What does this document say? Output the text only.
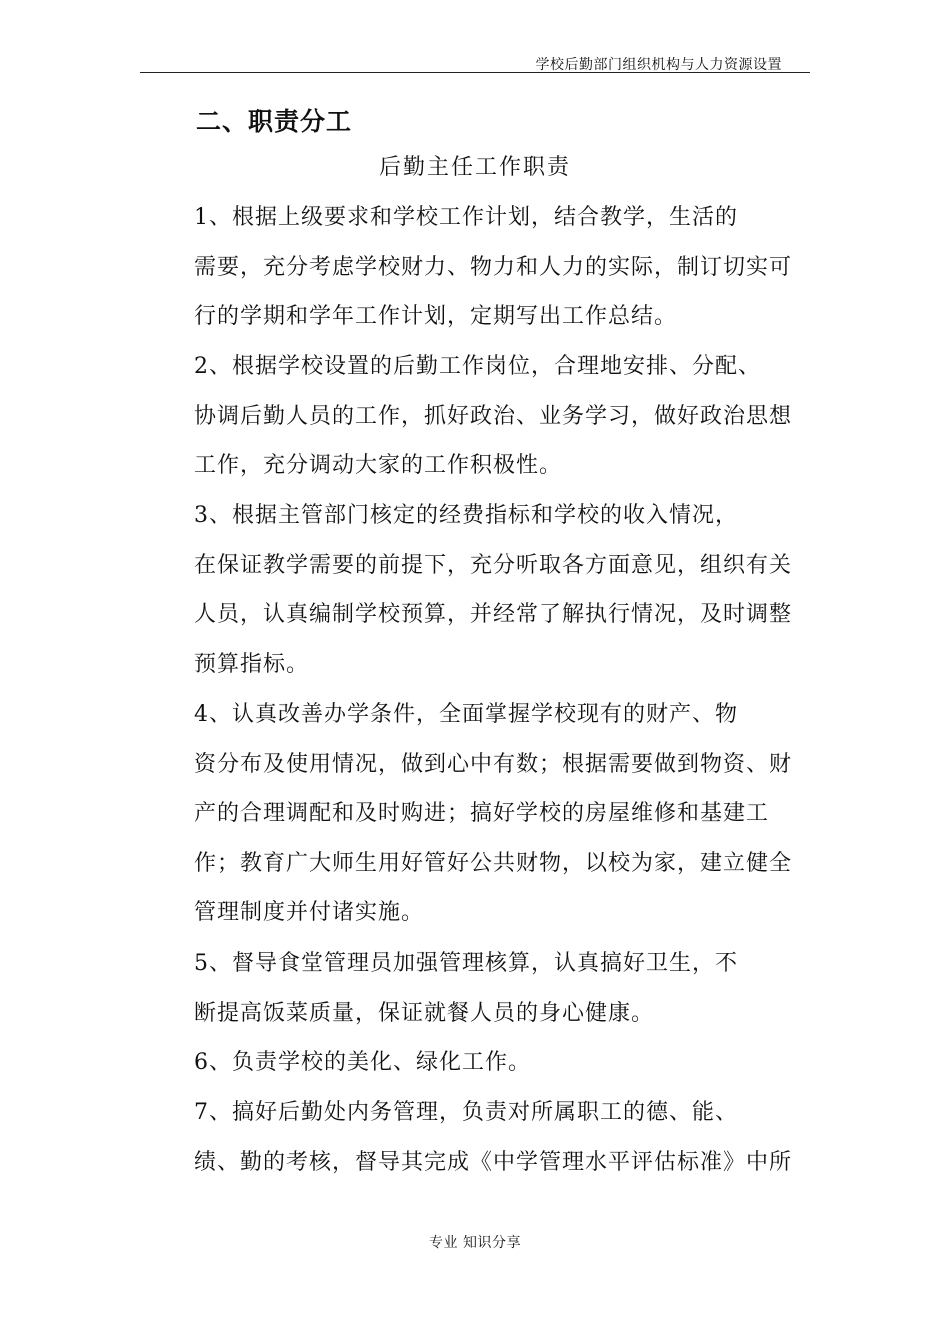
学校后勤部门组织机构与人力资源设置
二、职责分工
后勤主任工作职责

1、根据上级要求和学校工作计划，结合教学，生活的
需要，充分考虑学校财力、物力和人力的实际，制订切实可
行的学期和学年工作计划，定期写出工作总结。

2、根据学校设置的后勤工作岗位，合理地安排、分配、
协调后勤人员的工作，抓好政治、业务学习，做好政治思想
工作，充分调动大家的工作积极性。

3、根据主管部门核定的经费指标和学校的收入情况，
在保证教学需要的前提下，充分听取各方面意见，组织有关
人员，认真编制学校预算，并经常了解执行情况，及时调整
预算指标。

4、认真改善办学条件，全面掌握学校现有的财产、物
资分布及使用情况，做到心中有数；根据需要做到物资、财
产的合理调配和及时购进；搞好学校的房屋维修和基建工
作；教育广大师生用好管好公共财物，以校为家，建立健全
管理制度并付诸实施。

5、督导食堂管理员加强管理核算，认真搞好卫生，不
断提高饭菜质量，保证就餐人员的身心健康。

6、负责学校的美化、绿化工作。

7、搞好后勤处内务管理，负责对所属职工的德、能、
绩、勤的考核，督导其完成《中学管理水平评估标准》中所

专业 知识分享
